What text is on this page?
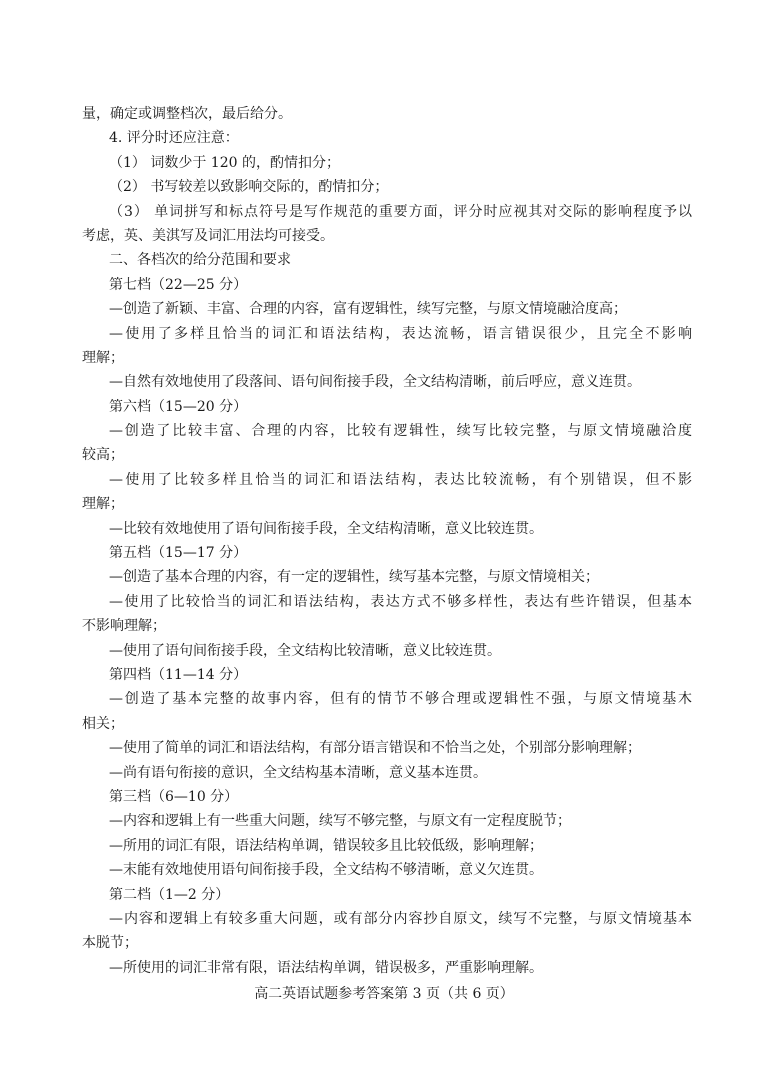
量，确定或调整档次，最后给分。
4. 评分时还应注意：
（1） 词数少于 120 的，酌情扣分；
（2） 书写较差以致影响交际的，酌情扣分；
（3） 单词拼写和标点符号是写作规范的重要方面，评分时应视其对交际的影响程度予以
考虑，英、美淇写及词汇用法均可接受。
二、各档次的给分范围和要求
第七档（22—25 分）
—创造了新颖、丰富、合理的内容，富有逻辑性，续写完整，与原文情境融洽度高；
—使用了多样且恰当的词汇和语法结构，表达流畅，语言错误很少，且完全不影响
理解；
—自然有效地使用了段落间、语句间衔接手段，全文结构清晰，前后呼应，意义连贯。
第六档（15—20 分）
—创造了比较丰富、合理的内容，比较有逻辑性，续写比较完整，与原文情境融洽度
较高；
—使用了比较多样且恰当的词汇和语法结构，表达比较流畅，有个别错误，但不影
理解；
—比较有效地使用了语句间衔接手段，全文结构清晰，意义比较连贯。
第五档（15—17 分）
—创造了基本合理的内容，有一定的逻辑性，续写基本完整，与原文情境相关；
—使用了比较恰当的词汇和语法结构，表达方式不够多样性，表达有些许错误，但基本
不影响理解；
—使用了语句间衔接手段，全文结构比较清晰，意义比较连贯。
第四档（11—14 分）
—创造了基本完整的故事内容，但有的情节不够合理或逻辑性不强，与原文情境基木
相关；
—使用了简单的词汇和语法结构，有部分语言错误和不恰当之处，个别部分影响理解；
—尚有语句衔接的意识，全文结构基本清晰，意义基本连贯。
第三档（6—10 分）
—内容和逻辑上有一些重大问题，续写不够完整，与原文有一定程度脱节；
—所用的词汇有限，语法结构单调，错误较多且比较低级，影响理解；
—末能有效地使用语句间衔接手段，全文结构不够清晰，意义欠连贯。
第二档（1—2 分）
—内容和逻辑上有较多重大问题，或有部分内容抄自原文，续写不完整，与原文情境基本
本脱节；
—所使用的词汇非常有限，语法结构单调，错误极多，严重影响理解。
高二英语试题参考答案第 3 页（共 6 页）
